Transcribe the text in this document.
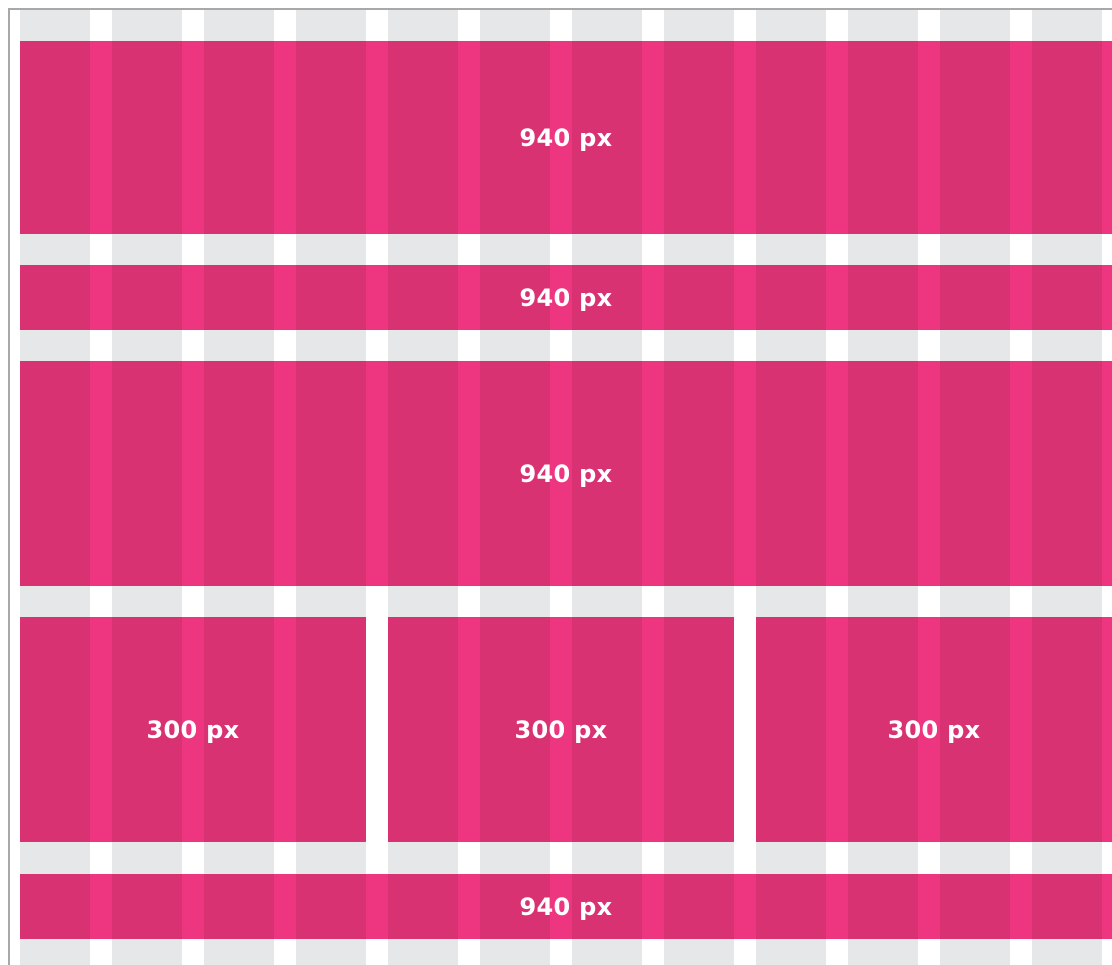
940 px
940 px
940 px
300 px	300 px	300 px
940 px
